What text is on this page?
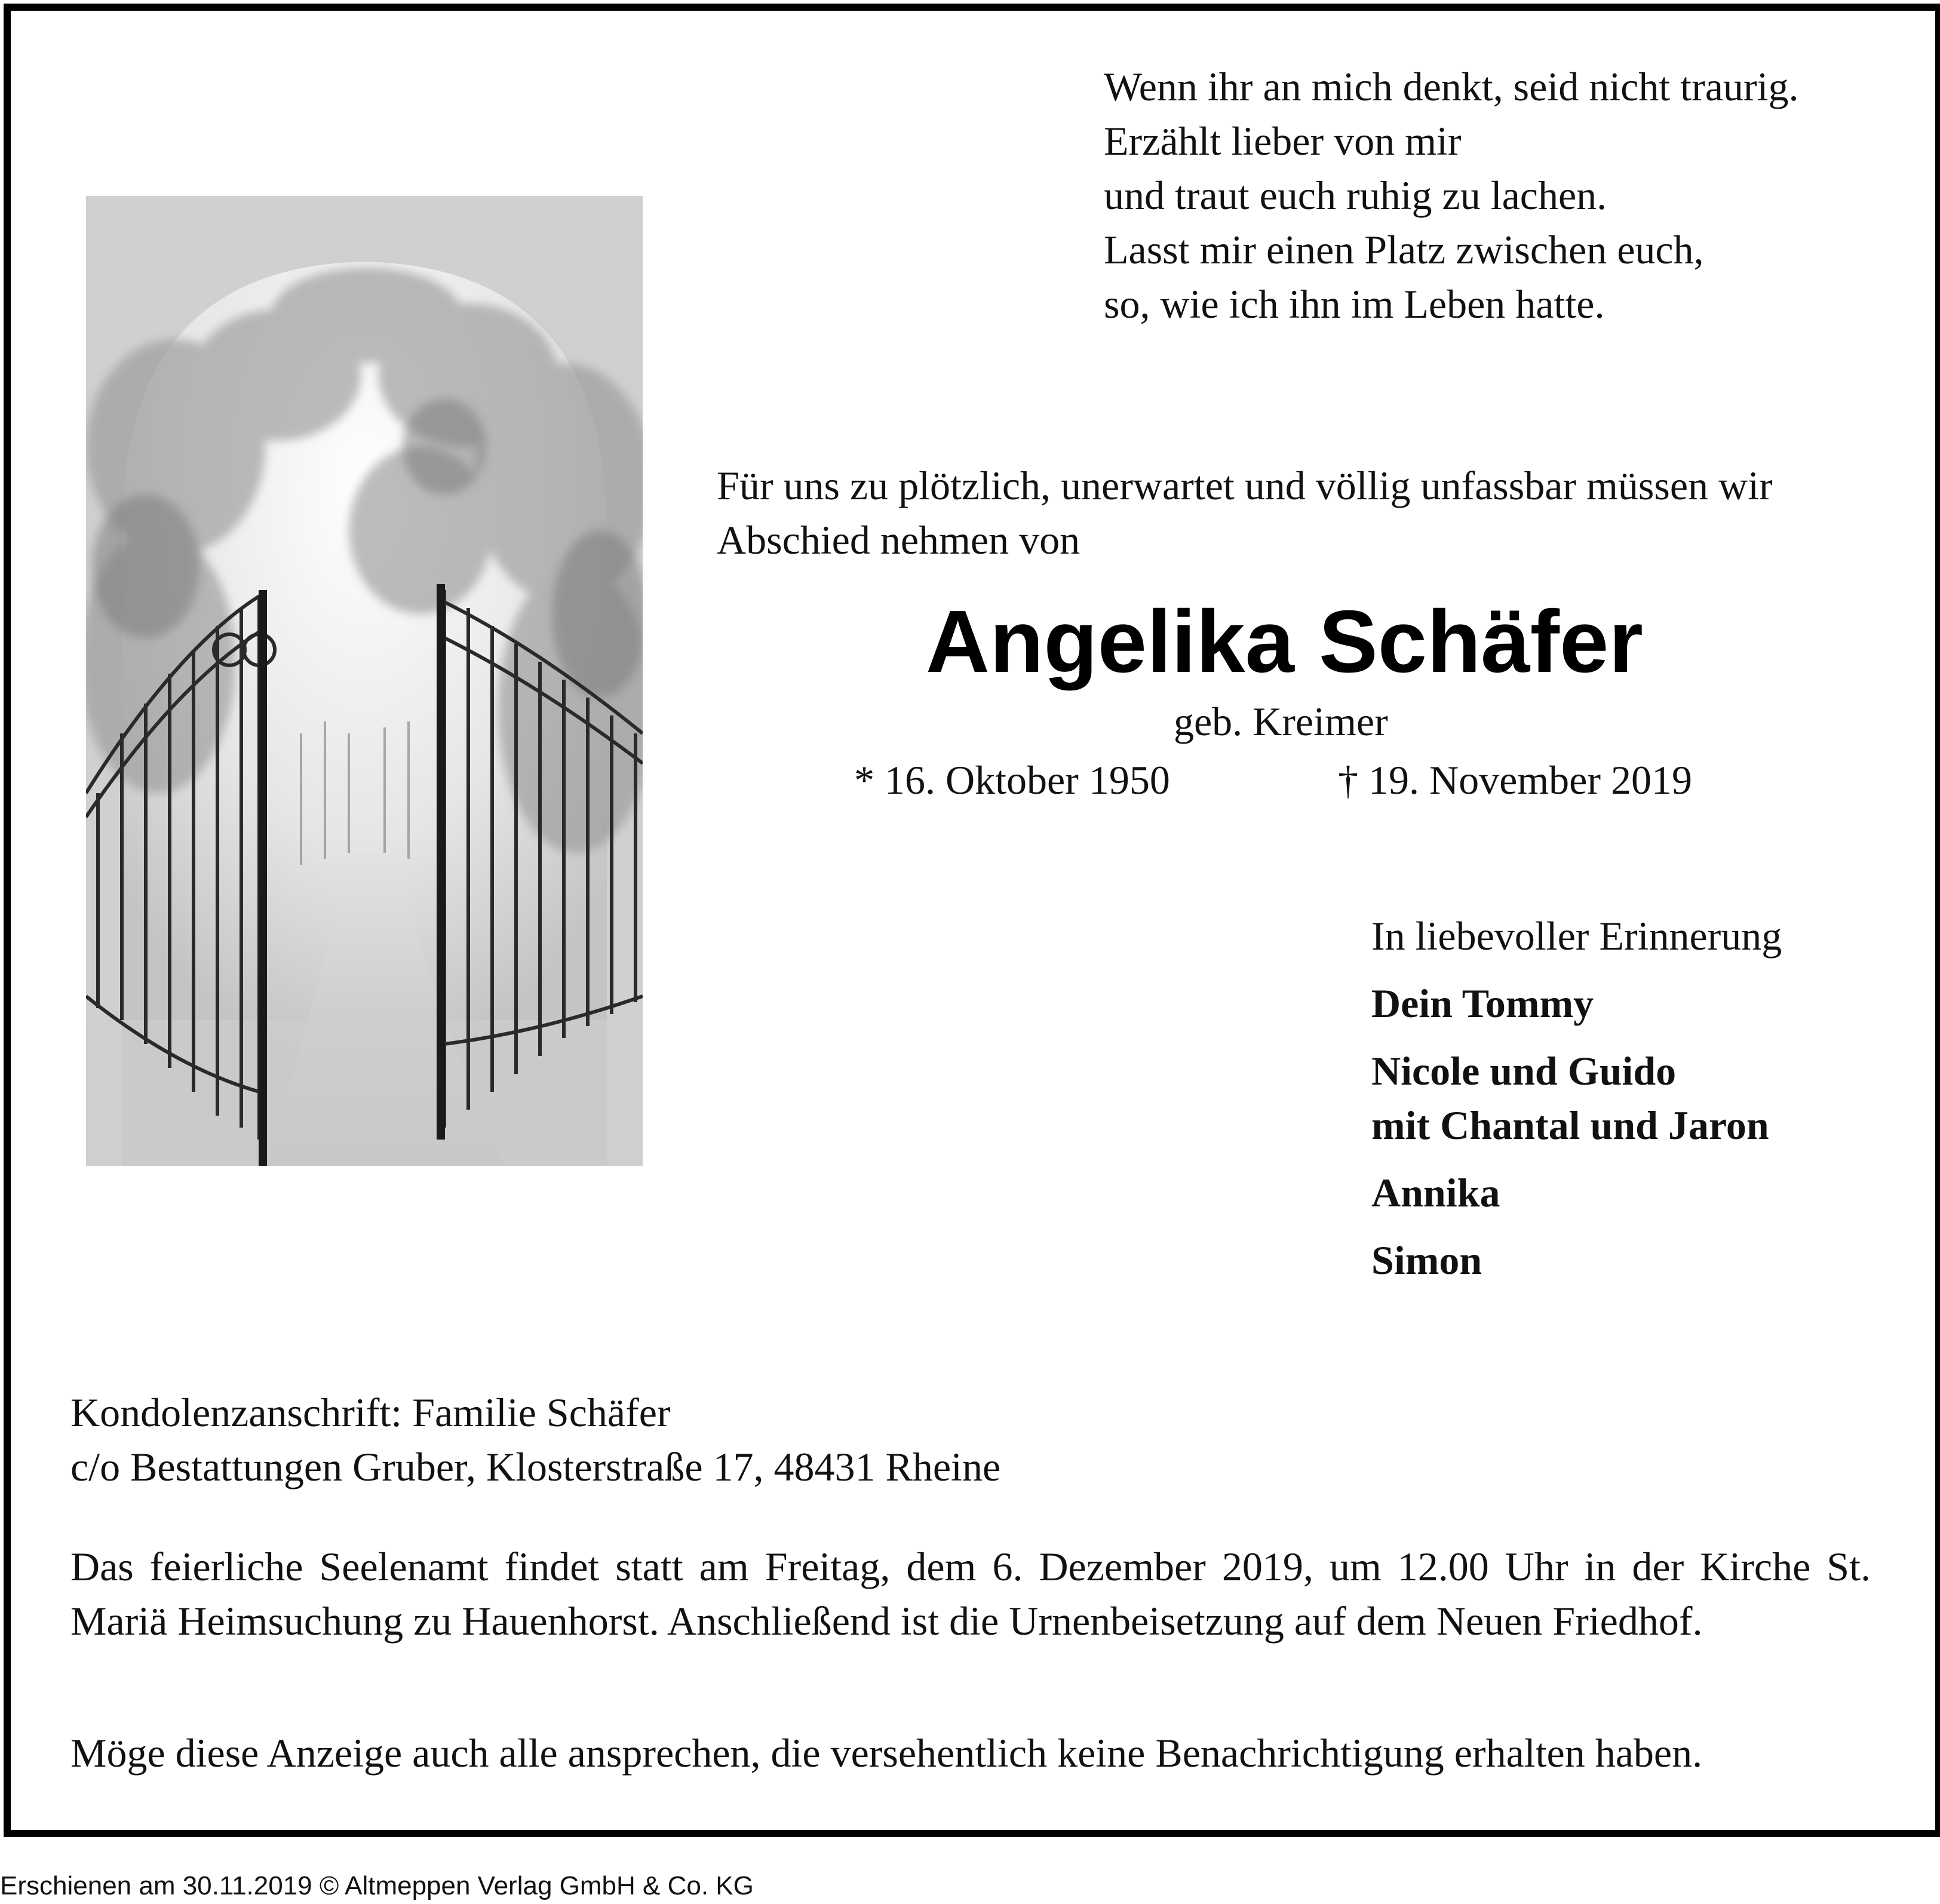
Wenn ihr an mich denkt, seid nicht traurig.
Erzählt lieber von mir
und traut euch ruhig zu lachen.
Lasst mir einen Platz zwischen euch,
so, wie ich ihn im Leben hatte.
Für uns zu plötzlich, unerwartet und völlig unfassbar müssen wir
Abschied nehmen von
Angelika Schäfer
geb. Kreimer
* 16. Oktober 1950	† 19. November 2019
In liebevoller Erinnerung
Dein Tommy
Nicole und Guido
mit Chantal und Jaron
Annika
Simon
Kondolenzanschrift: Familie Schäfer
c/o Bestattungen Gruber, Klosterstraße 17, 48431 Rheine
Das feierliche Seelenamt findet statt am Freitag, dem 6. Dezember 2019, um 12.00 Uhr in der Kirche St. Mariä Heimsuchung zu Hauenhorst. Anschließend ist die Urnenbeisetzung auf dem Neuen Friedhof.
Möge diese Anzeige auch alle ansprechen, die versehentlich keine Benachrichtigung erhalten haben.
Erschienen am 30.11.2019 © Altmeppen Verlag GmbH & Co. KG
